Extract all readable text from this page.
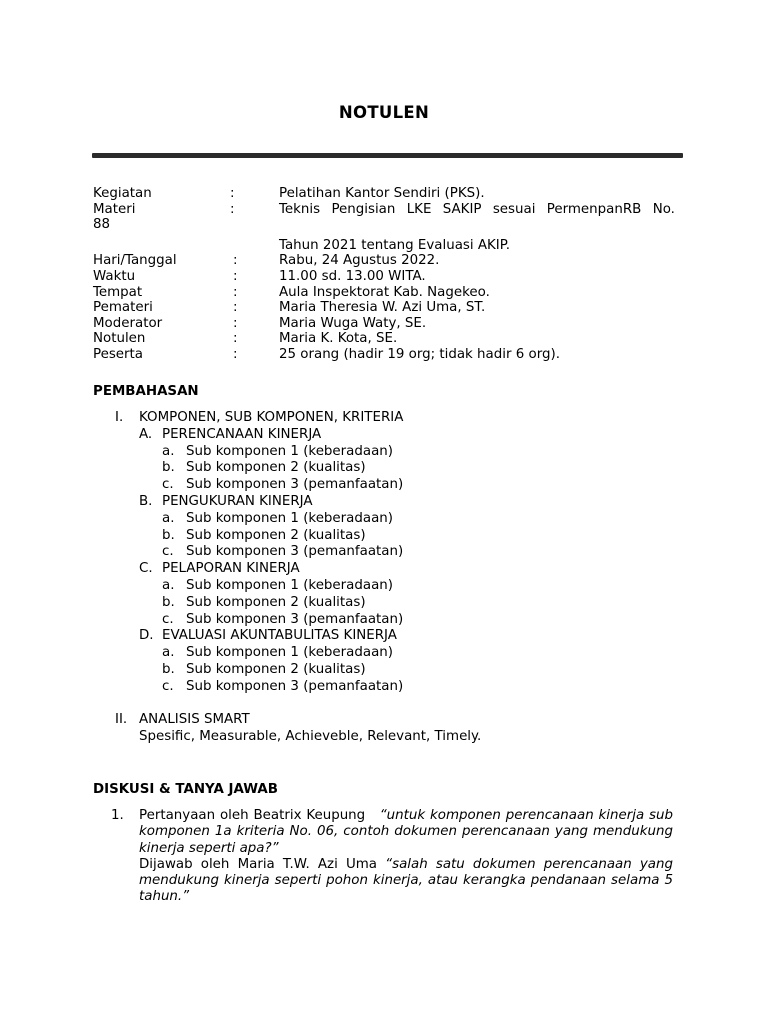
NOTULEN
Kegiatan	:	Pelatihan Kantor Sendiri (PKS).
Materi	:	Teknis Pengisian LKE SAKIP sesuai PermenpanRB No.
88
Tahun 2021 tentang Evaluasi AKIP.
Hari/Tanggal	:	Rabu, 24 Agustus 2022.
Waktu	:	11.00 sd. 13.00 WITA.
Tempat	:	Aula Inspektorat Kab. Nagekeo.
Pemateri	:	Maria Theresia W. Azi Uma, ST.
Moderator	:	Maria Wuga Waty, SE.
Notulen	:	Maria K. Kota, SE.
Peserta	:	25 orang (hadir 19 org; tidak hadir 6 org).
PEMBAHASAN
I. KOMPONEN, SUB KOMPONEN, KRITERIA
A. PERENCANAAN KINERJA
a. Sub komponen 1 (keberadaan)
b. Sub komponen 2 (kualitas)
c. Sub komponen 3 (pemanfaatan)
B. PENGUKURAN KINERJA
a. Sub komponen 1 (keberadaan)
b. Sub komponen 2 (kualitas)
c. Sub komponen 3 (pemanfaatan)
C. PELAPORAN KINERJA
a. Sub komponen 1 (keberadaan)
b. Sub komponen 2 (kualitas)
c. Sub komponen 3 (pemanfaatan)
D. EVALUASI AKUNTABULITAS KINERJA
a. Sub komponen 1 (keberadaan)
b. Sub komponen 2 (kualitas)
c. Sub komponen 3 (pemanfaatan)
II. ANALISIS SMART
Spesific, Measurable, Achieveble, Relevant, Timely.
DISKUSI & TANYA JAWAB
1. Pertanyaan oleh Beatrix Keupung “untuk komponen perencanaan kinerja sub komponen 1a kriteria No. 06, contoh dokumen perencanaan yang mendukung kinerja seperti apa?”

Dijawab oleh Maria T.W. Azi Uma “salah satu dokumen perencanaan yang mendukung kinerja seperti pohon kinerja, atau kerangka pendanaan selama 5 tahun.”
